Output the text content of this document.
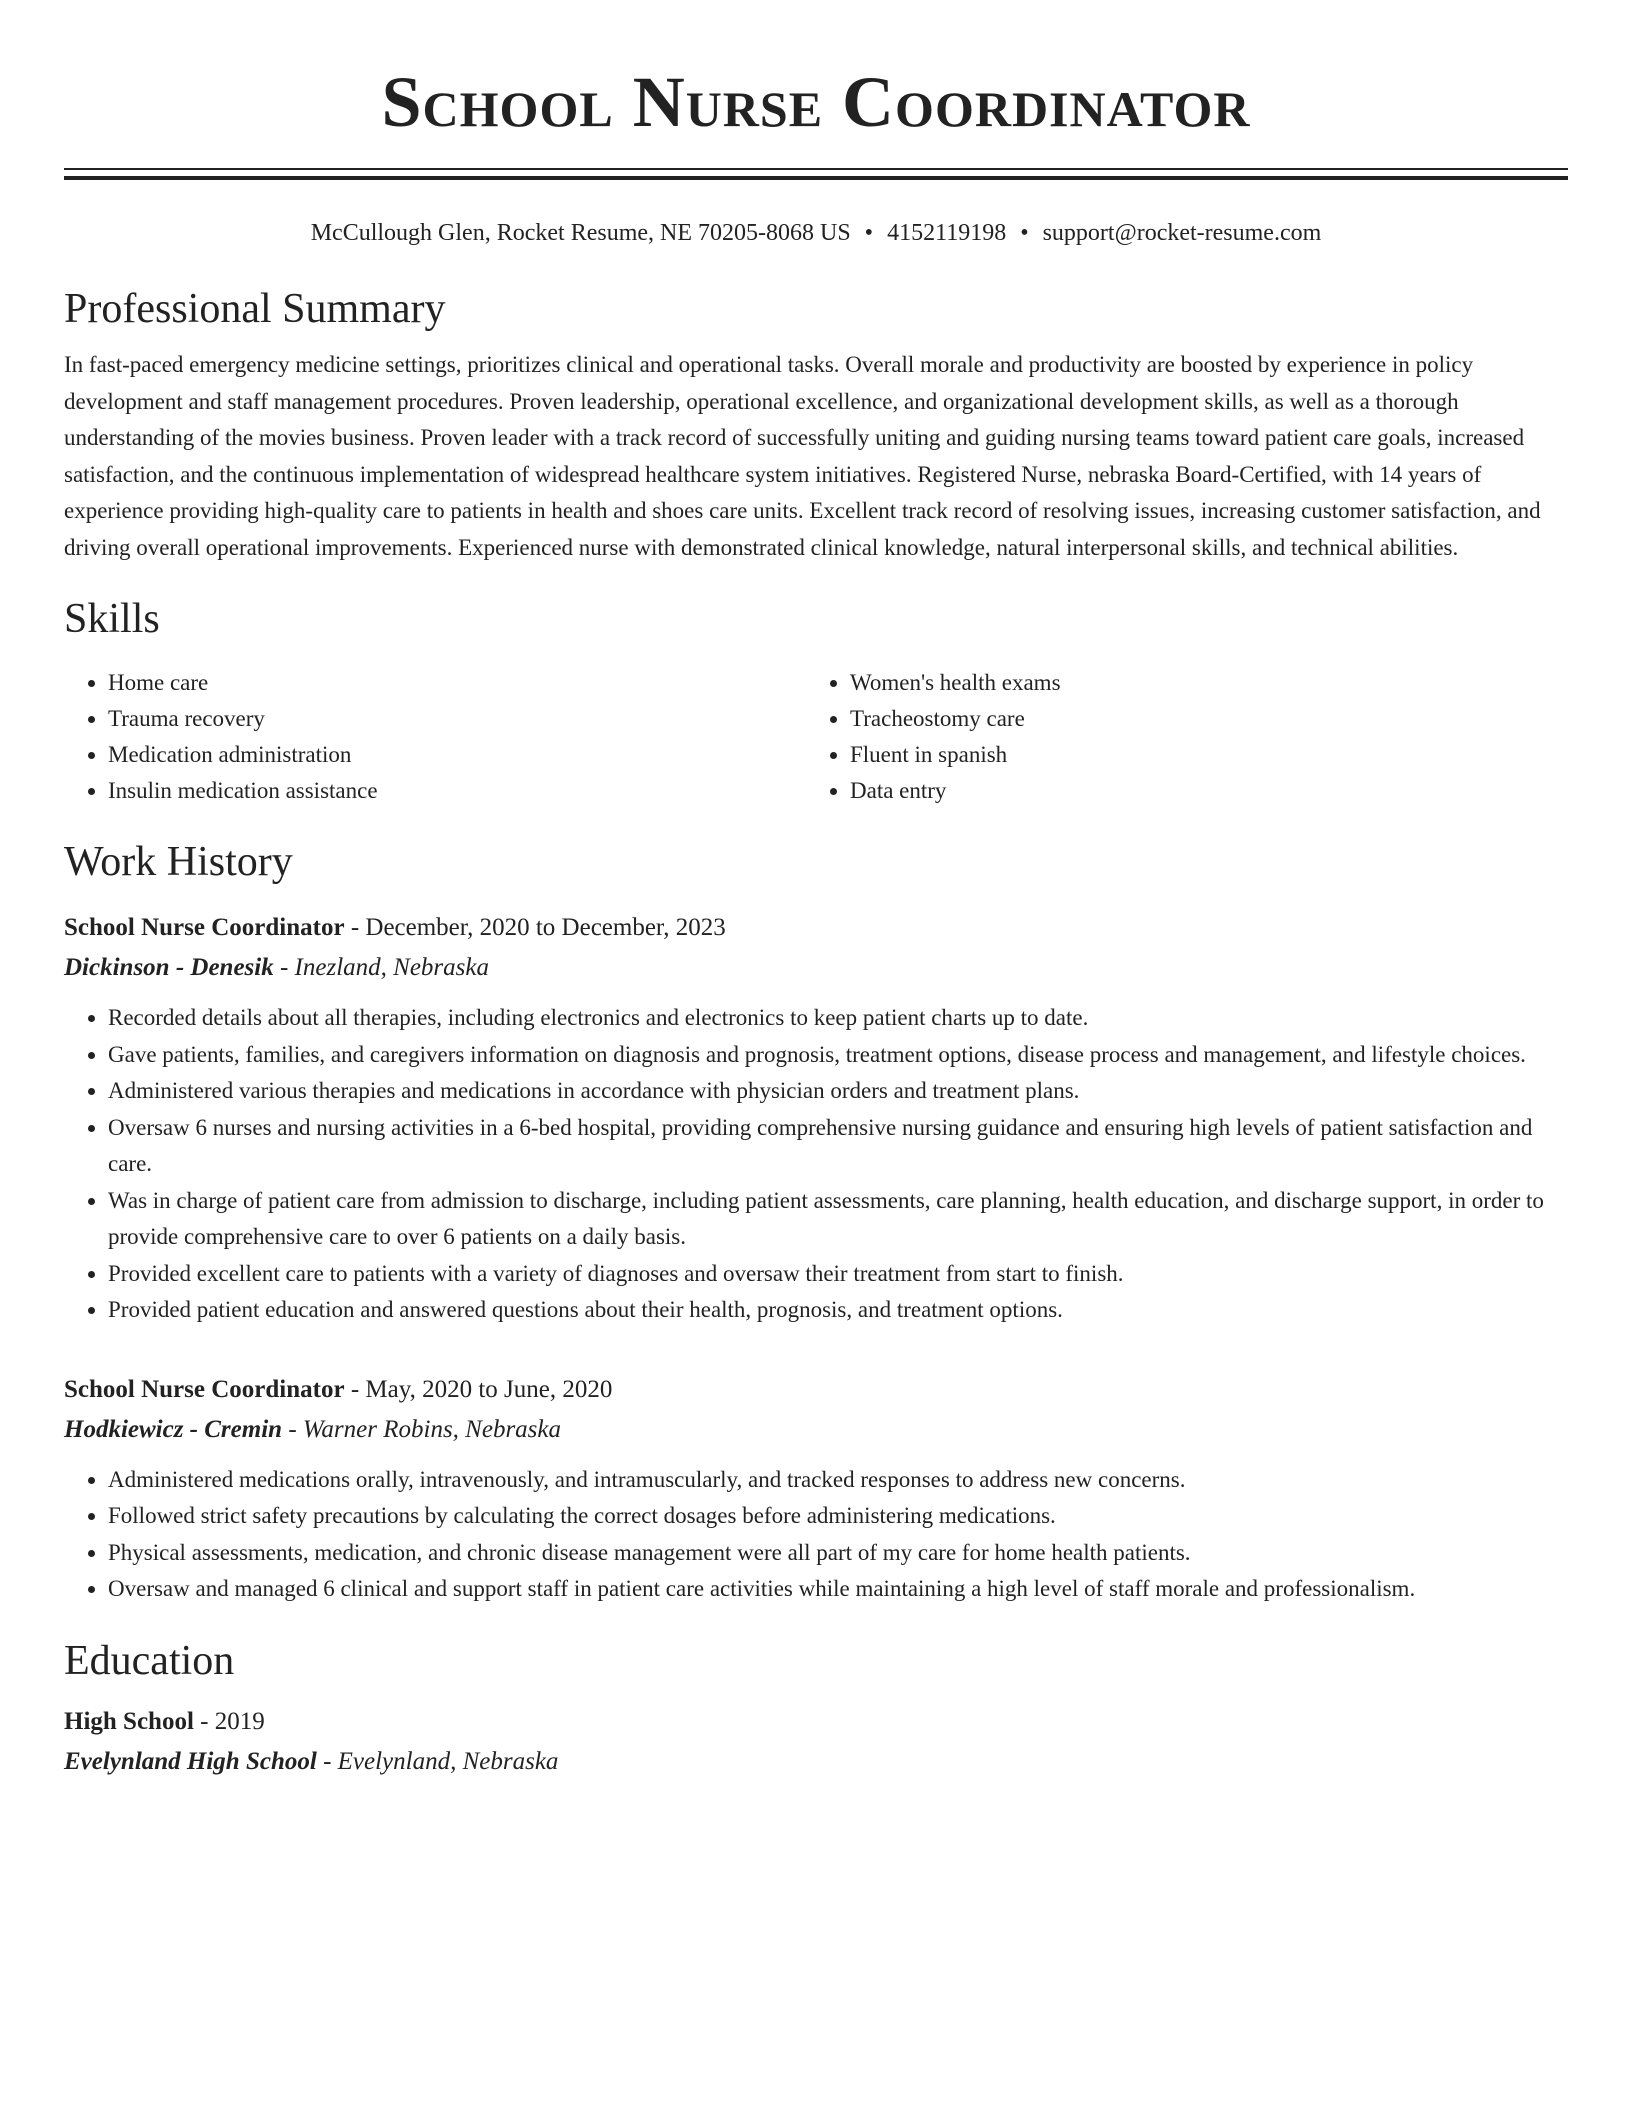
School Nurse Coordinator
McCullough Glen, Rocket Resume, NE 70205-8068 US • 4152119198 • support@rocket-resume.com
Professional Summary

In fast-paced emergency medicine settings, prioritizes clinical and operational tasks. Overall morale and productivity are boosted by experience in policy development and staff management procedures. Proven leadership, operational excellence, and organizational development skills, as well as a thorough understanding of the movies business. Proven leader with a track record of successfully uniting and guiding nursing teams toward patient care goals, increased satisfaction, and the continuous implementation of widespread healthcare system initiatives. Registered Nurse, nebraska Board-Certified, with 14 years of experience providing high-quality care to patients in health and shoes care units. Excellent track record of resolving issues, increasing customer satisfaction, and driving overall operational improvements. Experienced nurse with demonstrated clinical knowledge, natural interpersonal skills, and technical abilities.

Skills
• Home care
• Trauma recovery
• Medication administration
• Insulin medication assistance
• Women's health exams
• Tracheostomy care
• Fluent in spanish
• Data entry
Work History
School Nurse Coordinator - December, 2020 to December, 2023
Dickinson - Denesik - Inezland, Nebraska
• Recorded details about all therapies, including electronics and electronics to keep patient charts up to date.
• Gave patients, families, and caregivers information on diagnosis and prognosis, treatment options, disease process and management, and lifestyle choices.
• Administered various therapies and medications in accordance with physician orders and treatment plans.
• Oversaw 6 nurses and nursing activities in a 6-bed hospital, providing comprehensive nursing guidance and ensuring high levels of patient satisfaction and care.
• Was in charge of patient care from admission to discharge, including patient assessments, care planning, health education, and discharge support, in order to provide comprehensive care to over 6 patients on a daily basis.
• Provided excellent care to patients with a variety of diagnoses and oversaw their treatment from start to finish.
• Provided patient education and answered questions about their health, prognosis, and treatment options.
School Nurse Coordinator - May, 2020 to June, 2020
Hodkiewicz - Cremin - Warner Robins, Nebraska
• Administered medications orally, intravenously, and intramuscularly, and tracked responses to address new concerns.
• Followed strict safety precautions by calculating the correct dosages before administering medications.
• Physical assessments, medication, and chronic disease management were all part of my care for home health patients.
• Oversaw and managed 6 clinical and support staff in patient care activities while maintaining a high level of staff morale and professionalism.
Education
High School - 2019
Evelynland High School - Evelynland, Nebraska
